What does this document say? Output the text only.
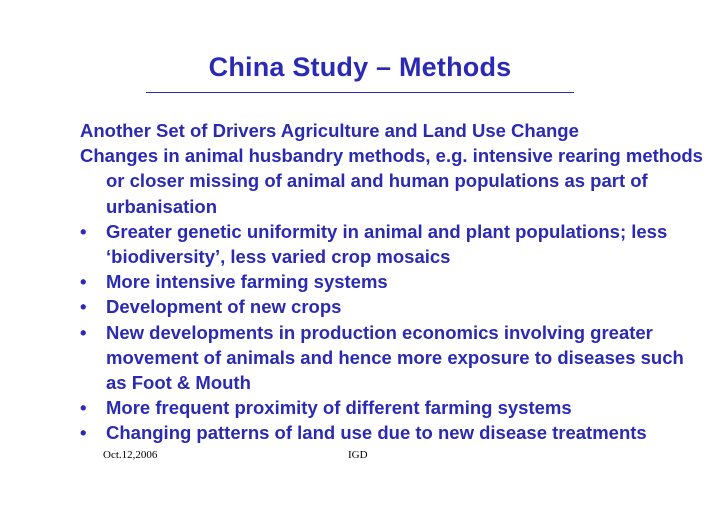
China Study – Methods

Another Set of Drivers Agriculture and Land Use Change

Changes in animal husbandry methods, e.g. intensive rearing methods or closer missing of animal and human populations as part of urbanisation

•	Greater genetic uniformity in animal and plant populations; less ‘biodiversity’, less varied crop mosaics
•	More intensive farming systems
•	Development of new crops
•	New developments in production economics involving greater movement of animals and hence more exposure to diseases such as Foot & Mouth
•	More frequent proximity of different farming systems
•	Changing patterns of land use due to new disease treatments
Oct.12,2006	IGD
